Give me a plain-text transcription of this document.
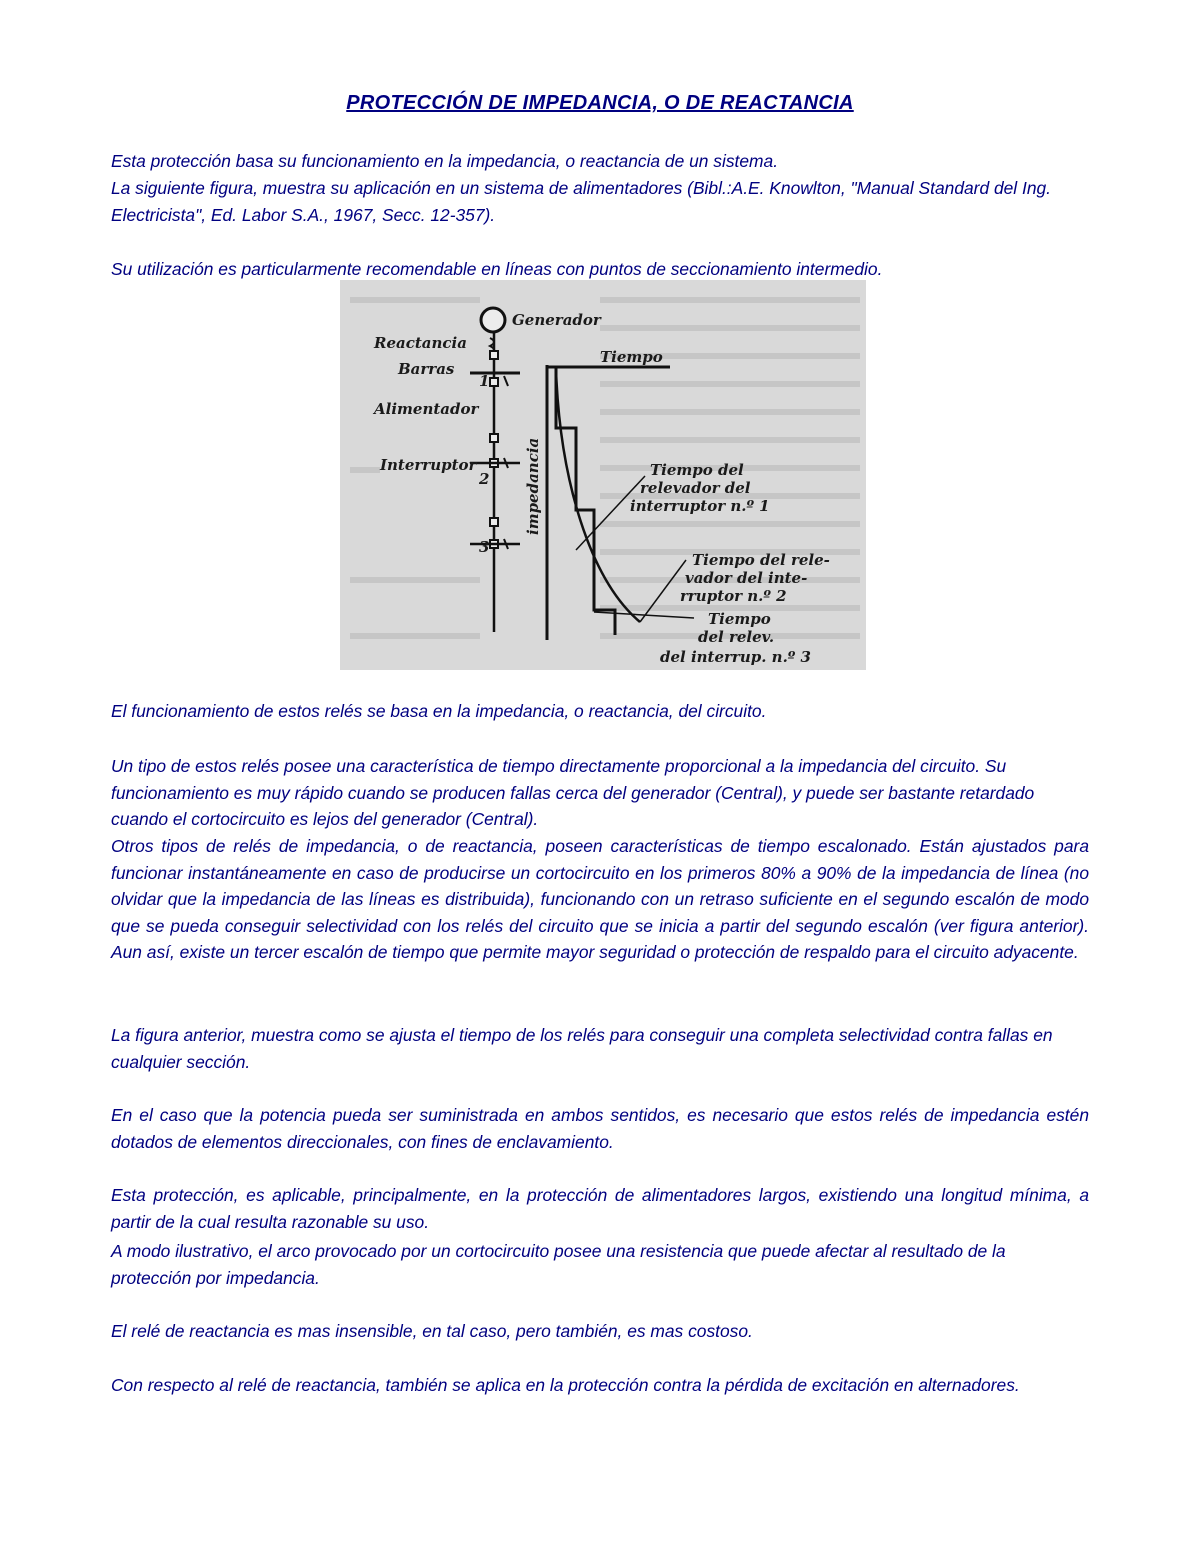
PROTECCIÓN DE IMPEDANCIA, O DE REACTANCIA

Esta protección basa su funcionamiento en la impedancia, o reactancia de un sistema.

La siguiente figura, muestra su aplicación en un sistema de alimentadores (Bibl.:A.E. Knowlton, "Manual Standard del Ing. Electricista", Ed. Labor S.A., 1967, Secc. 12-357).

Su utilización es particularmente recomendable en líneas con puntos de seccionamiento intermedio.

Generador
Reactancia
Barras
1
Alimentador
Interruptor
2
3
impedancia
Tiempo
Tiempo del
relevador del
interruptor n.º 1
Tiempo del rele-
vador del inte-
rruptor n.º 2
Tiempo
del relev.
del interrup. n.º 3

El funcionamiento de estos relés se basa en la impedancia, o reactancia, del circuito.

Un tipo de estos relés posee una característica de tiempo directamente proporcional a la impedancia del circuito. Su funcionamiento es muy rápido cuando se producen fallas cerca del generador (Central), y puede ser bastante retardado cuando el cortocircuito es lejos del generador (Central).

Otros tipos de relés de impedancia, o de reactancia, poseen características de tiempo escalonado. Están ajustados para funcionar instantáneamente en caso de producirse un cortocircuito en los primeros 80% a 90% de la impedancia de línea (no olvidar que la impedancia de las líneas es distribuida), funcionando con un retraso suficiente en el segundo escalón de modo que se pueda conseguir selectividad con los relés del circuito que se inicia a partir del segundo escalón (ver figura anterior). Aun así, existe un tercer escalón de tiempo que permite mayor seguridad o protección de respaldo para el circuito adyacente.

La figura anterior, muestra como se ajusta el tiempo de los relés para conseguir una completa selectividad contra fallas en cualquier sección.

En el caso que la potencia pueda ser suministrada en ambos sentidos, es necesario que estos relés de impedancia estén dotados de elementos direccionales, con fines de enclavamiento.

Esta protección, es aplicable, principalmente, en la protección de alimentadores largos, existiendo una longitud mínima, a partir de la cual resulta razonable su uso.

A modo ilustrativo, el arco provocado por un cortocircuito posee una resistencia que puede afectar al resultado de la protección por impedancia.

El relé de reactancia es mas insensible, en tal caso, pero también, es mas costoso.

Con respecto al relé de reactancia, también se aplica en la protección contra la pérdida de excitación en alternadores.
